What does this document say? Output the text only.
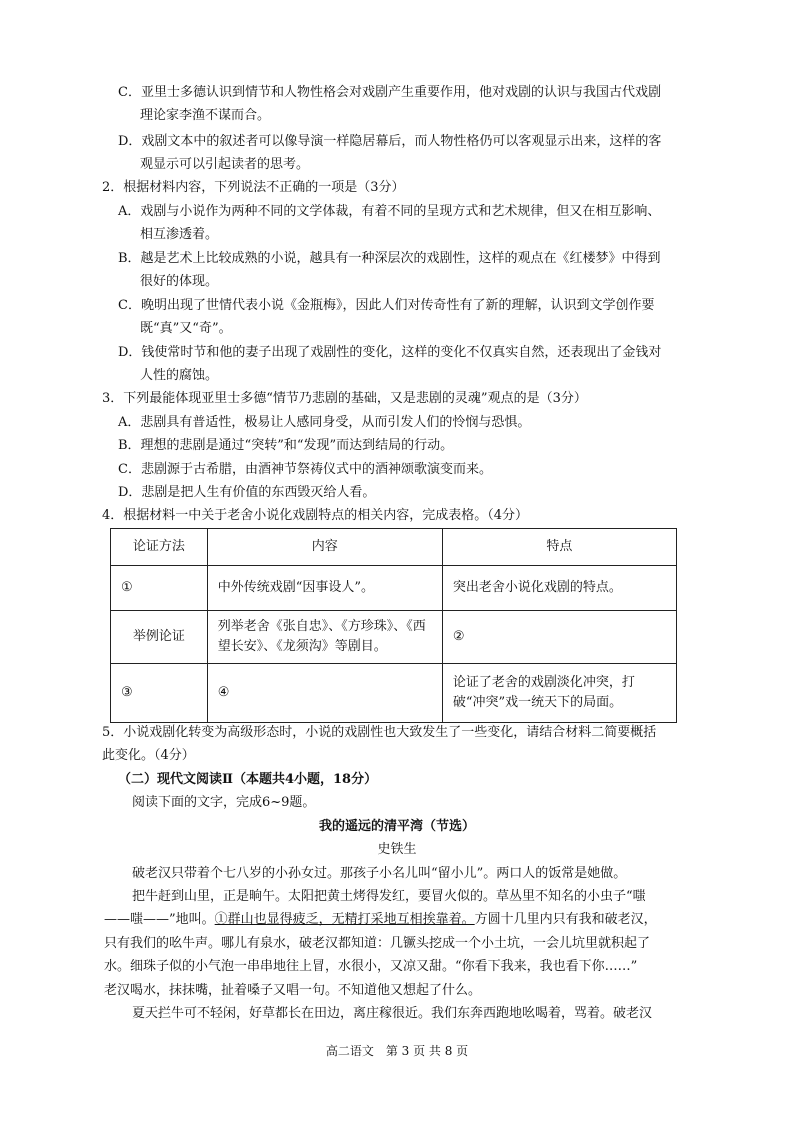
C．亚里士多德认识到情节和人物性格会对戏剧产生重要作用，他对戏剧的认识与我国古代戏剧
理论家李渔不谋而合。
D．戏剧文本中的叙述者可以像导演一样隐居幕后，而人物性格仍可以客观显示出来，这样的客
观显示可以引起读者的思考。
2．根据材料内容，下列说法不正确的一项是（3分）
A．戏剧与小说作为两种不同的文学体裁，有着不同的呈现方式和艺术规律，但又在相互影响、
相互渗透着。
B．越是艺术上比较成熟的小说，越具有一种深层次的戏剧性，这样的观点在《红楼梦》中得到
很好的体现。
C．晚明出现了世情代表小说《金瓶梅》，因此人们对传奇性有了新的理解，认识到文学创作要
既“真”又“奇”。
D．钱使常时节和他的妻子出现了戏剧性的变化，这样的变化不仅真实自然，还表现出了金钱对
人性的腐蚀。
3．下列最能体现亚里士多德“情节乃悲剧的基础，又是悲剧的灵魂”观点的是（3分）
A．悲剧具有普适性，极易让人感同身受，从而引发人们的怜悯与恐惧。
B．理想的悲剧是通过“突转”和“发现”而达到结局的行动。
C．悲剧源于古希腊，由酒神节祭祷仪式中的酒神颂歌演变而来。
D．悲剧是把人生有价值的东西毁灭给人看。
4．根据材料一中关于老舍小说化戏剧特点的相关内容，完成表格。（4分）
论证方法	内容	特点
①	中外传统戏剧“因事设人”。	突出老舍小说化戏剧的特点。
举例论证	列举老舍《张自忠》、《方珍珠》、《西望长安》、《龙须沟》等剧目。	②
③	④	论证了老舍的戏剧淡化冲突，打破“冲突”戏一统天下的局面。
5．小说戏剧化转变为高级形态时，小说的戏剧性也大致发生了一些变化，请结合材料二简要概括
此变化。（4分）
（二）现代文阅读Ⅱ（本题共4小题，18分）
阅读下面的文字，完成6~9题。
我的遥远的清平湾（节选）
史铁生
破老汉只带着个七八岁的小孙女过。那孩子小名儿叫“留小儿”。两口人的饭常是她做。
把牛赶到山里，正是晌午。太阳把黄土烤得发红，要冒火似的。草丛里不知名的小虫子“嗤
——嗤——”地叫。①群山也显得疲乏，无精打采地互相挨靠着。方圆十几里内只有我和破老汉，
只有我们的吆牛声。哪儿有泉水，破老汉都知道：几镢头挖成一个小土坑，一会儿坑里就积起了
水。细珠子似的小气泡一串串地往上冒，水很小，又凉又甜。“你看下我来，我也看下你……”
老汉喝水，抹抹嘴，扯着嗓子又唱一句。不知道他又想起了什么。
夏天拦牛可不轻闲，好草都长在田边，离庄稼很近。我们东奔西跑地吆喝着，骂着。破老汉
高二语文　第 3 页 共 8 页
